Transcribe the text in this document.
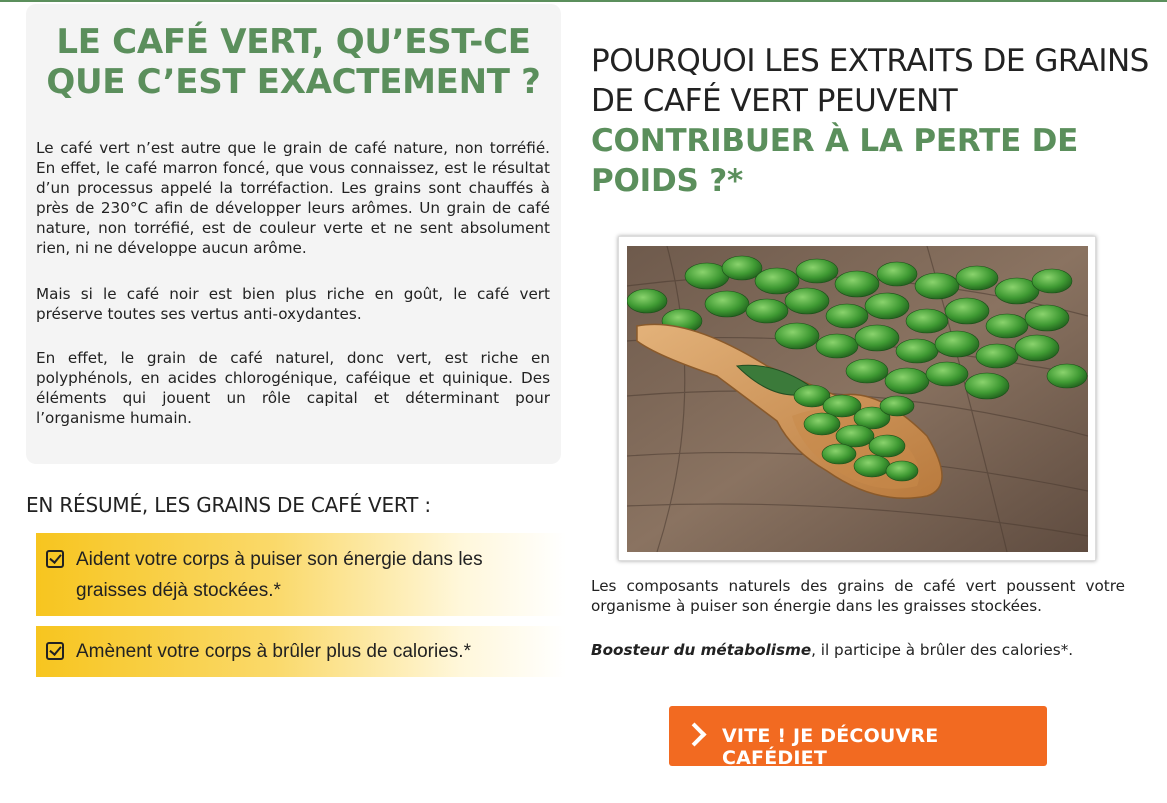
LE CAFÉ VERT, QU’EST-CE QUE C’EST EXACTEMENT ?

Le café vert n’est autre que le grain de café nature, non torréfié. En effet, le café marron foncé, que vous connaissez, est le résultat d’un processus appelé la torréfaction. Les grains sont chauffés à près de 230°C afin de développer leurs arômes. Un grain de café nature, non torréfié, est de couleur verte et ne sent absolument rien, ni ne développe aucun arôme.

Mais si le café noir est bien plus riche en goût, le café vert préserve toutes ses vertus anti-oxydantes.

En effet, le grain de café naturel, donc vert, est riche en polyphénols, en acides chlorogénique, caféique et quinique. Des éléments qui jouent un rôle capital et déterminant pour l’organisme humain.

EN RÉSUMÉ, LES GRAINS DE CAFÉ VERT :
Aident votre corps à puiser son énergie dans les graisses déjà stockées.*
Amènent votre corps à brûler plus de calories.*
POURQUOI LES EXTRAITS DE GRAINS DE CAFÉ VERT PEUVENT CONTRIBUER À LA PERTE DE POIDS ?*

Les composants naturels des grains de café vert poussent votre organisme à puiser son énergie dans les graisses stockées.

Boosteur du métabolisme, il participe à brûler des calories*.

VITE ! JE DÉCOUVRE CAFÉDIET
